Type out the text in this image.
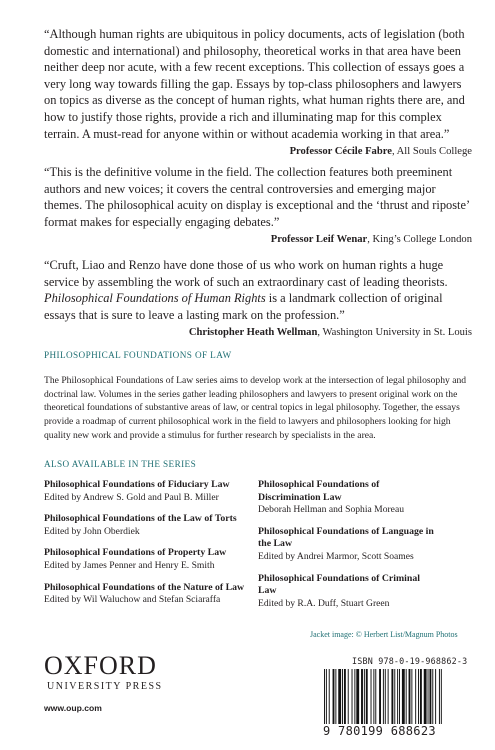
“Although human rights are ubiquitous in policy documents, acts of legislation (both domestic and international) and philosophy, theoretical works in that area have been neither deep nor acute, with a few recent exceptions. This collection of essays goes a very long way towards filling the gap. Essays by top-class philosophers and lawyers on topics as diverse as the concept of human rights, what human rights there are, and how to justify those rights, provide a rich and illuminating map for this complex terrain. A must-read for anyone within or without academia working in that area.”

Professor Cécile Fabre, All Souls College

“This is the definitive volume in the field. The collection features both preeminent authors and new voices; it covers the central controversies and emerging major themes. The philosophical acuity on display is exceptional and the ‘thrust and riposte’ format makes for especially engaging debates.”

Professor Leif Wenar, King’s College London

“Cruft, Liao and Renzo have done those of us who work on human rights a huge service by assembling the work of such an extraordinary cast of leading theorists. Philosophical Foundations of Human Rights is a landmark collection of original essays that is sure to leave a lasting mark on the profession.”

Christopher Heath Wellman, Washington University in St. Louis
PHILOSOPHICAL FOUNDATIONS OF LAW

The Philosophical Foundations of Law series aims to develop work at the intersection of legal philosophy and doctrinal law. Volumes in the series gather leading philosophers and lawyers to present original work on the theoretical foundations of substantive areas of law, or central topics in legal philosophy. Together, the essays provide a roadmap of current philosophical work in the field to lawyers and philosophers looking for high quality new work and provide a stimulus for further research by specialists in the area.

ALSO AVAILABLE IN THE SERIES
Philosophical Foundations of Fiduciary Law
Edited by Andrew S. Gold and Paul B. Miller
Philosophical Foundations of the Law of Torts
Edited by John Oberdiek
Philosophical Foundations of Property Law
Edited by James Penner and Henry E. Smith
Philosophical Foundations of the Nature of Law
Edited by Wil Waluchow and Stefan Sciaraffa
Philosophical Foundations of Discrimination Law
Deborah Hellman and Sophia Moreau
Philosophical Foundations of Language in the Law
Edited by Andrei Marmor, Scott Soames
Philosophical Foundations of Criminal Law
Edited by R.A. Duff, Stuart Green
Jacket image: © Herbert List/Magnum Photos
OXFORD
UNIVERSITY PRESS
www.oup.com
ISBN 978-0-19-968862-3
9 780199 688623
